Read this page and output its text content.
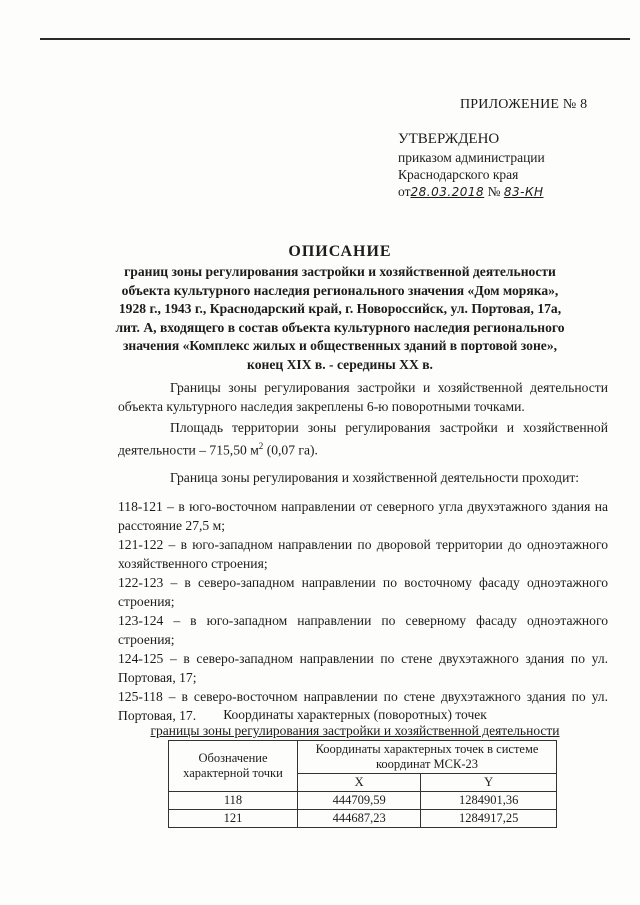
ПРИЛОЖЕНИЕ № 8
УТВЕРЖДЕНО
приказом администрации
Краснодарского края
от28.03.2018 № 83-КН
ОПИСАНИЕ
границ зоны регулирования застройки и хозяйственной деятельности
объекта культурного наследия регионального значения «Дом моряка»,
1928 г., 1943 г., Краснодарский край, г. Новороссийск, ул. Портовая, 17а,
лит. А, входящего в состав объекта культурного наследия регионального
значения «Комплекс жилых и общественных зданий в портовой зоне»,
конец XIX в. - середины XX в.
Границы зоны регулирования застройки и хозяйственной деятельности объекта культурного наследия закреплены 6-ю поворотными точками.
Площадь территории зоны регулирования застройки и хозяйственной деятельности – 715,50 $м^2$ (0,07 га).
Граница зоны регулирования и хозяйственной деятельности проходит:
118-121 – в юго-восточном направлении от северного угла двухэтажного здания на расстояние 27,5 м;
121-122 – в юго-западном направлении по дворовой территории до одноэтажного хозяйственного строения;
122-123 – в северо-западном направлении по восточному фасаду одноэтажного строения;
123-124 – в юго-западном направлении по северному фасаду одноэтажного строения;
124-125 – в северо-западном направлении по стене двухэтажного здания по ул. Портовая, 17;
125-118 – в северо-восточном направлении по стене двухэтажного здания по ул. Портовая, 17.	Координаты характерных (поворотных) точек
границы зоны регулирования застройки и хозяйственной деятельности
Обозначение характерной точки	Координаты характерных точек в системе координат МСК-23	
	X	Y
118	444709,59	1284901,36
121	444687,23	1284917,25
